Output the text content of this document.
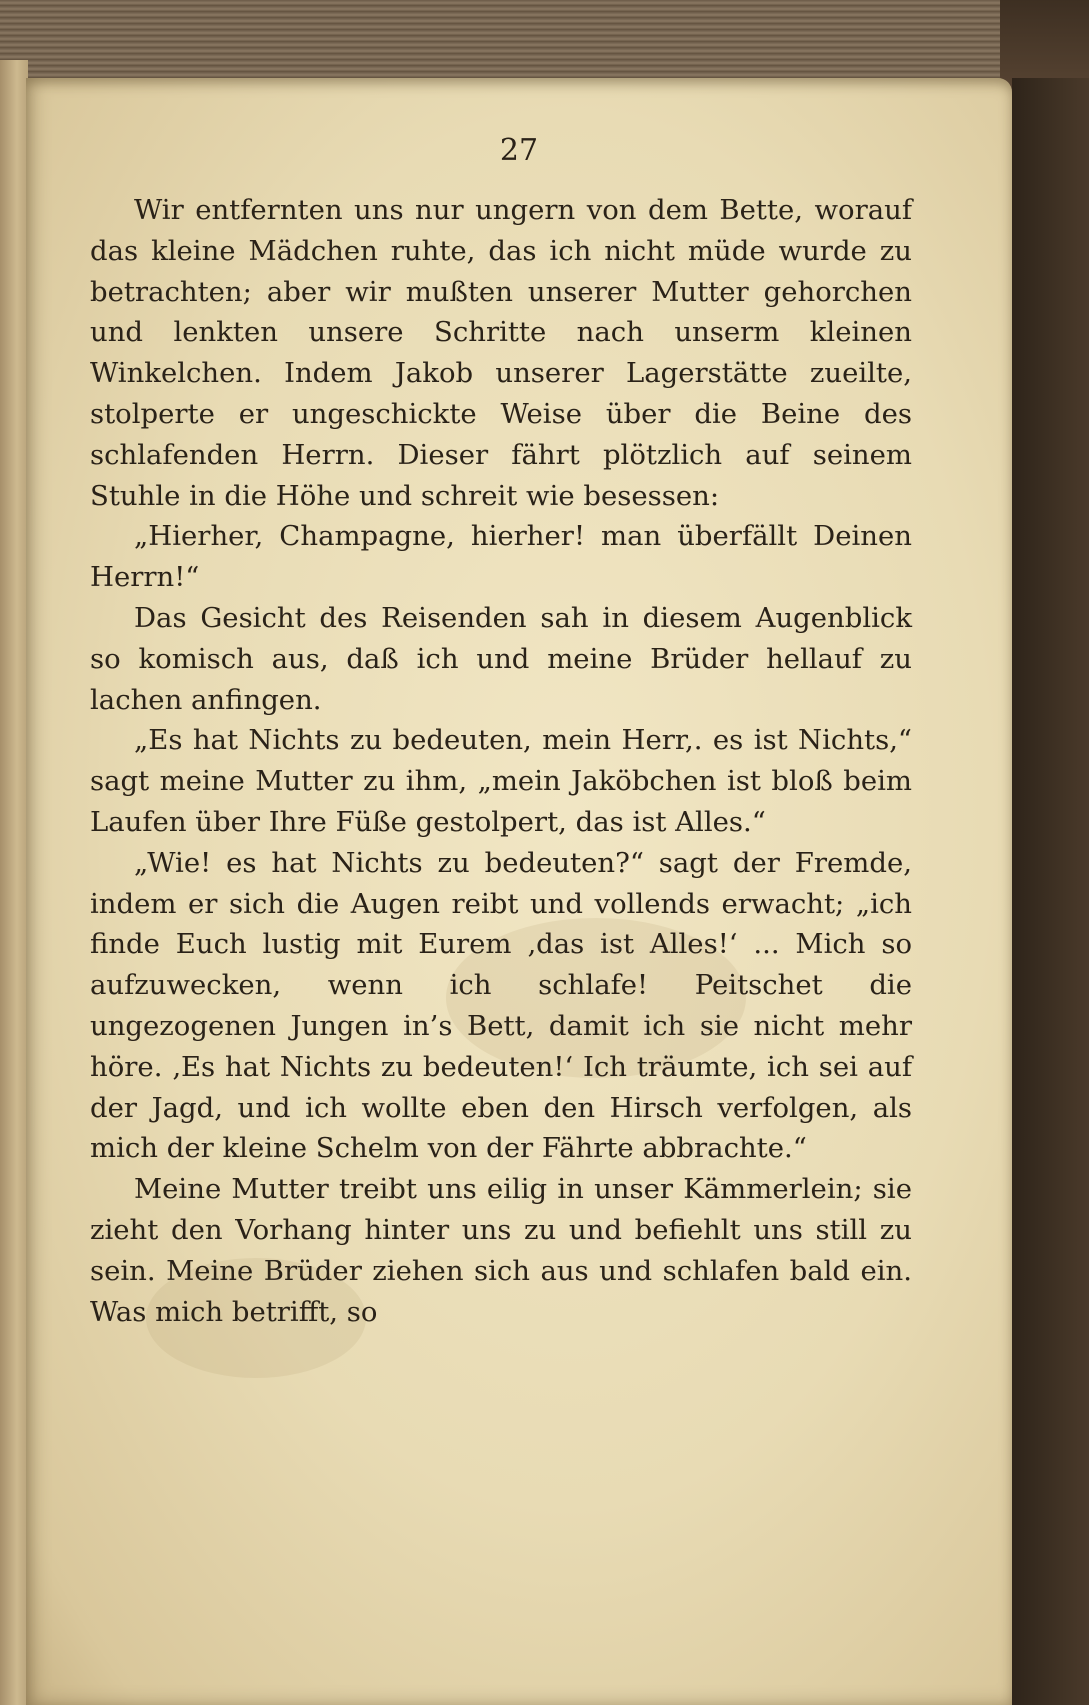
27

Wir entfernten uns nur ungern von dem Bette, worauf das kleine Mädchen ruhte, das ich nicht müde wurde zu betrachten; aber wir mußten unserer Mutter gehorchen und lenkten unsere Schritte nach unserm kleinen Winkelchen. Indem Jakob unserer Lagerstätte zueilte, stolperte er ungeschickte Weise über die Beine des schlafenden Herrn. Dieser fährt plötzlich auf seinem Stuhle in die Höhe und schreit wie besessen:

„Hierher, Champagne, hierher! man überfällt Deinen Herrn!“

Das Gesicht des Reisenden sah in diesem Augenblick so komisch aus, daß ich und meine Brüder hellauf zu lachen anfingen.

„Es hat Nichts zu bedeuten, mein Herr,. es ist Nichts,“ sagt meine Mutter zu ihm, „mein Jaköbchen ist bloß beim Laufen über Ihre Füße gestolpert, das ist Alles.“

„Wie! es hat Nichts zu bedeuten?“ sagt der Fremde, indem er sich die Augen reibt und vollends erwacht; „ich finde Euch lustig mit Eurem ‚das ist Alles!‘ ... Mich so aufzuwecken, wenn ich schlafe! Peitschet die ungezogenen Jungen in’s Bett, damit ich sie nicht mehr höre. ‚Es hat Nichts zu bedeuten!‘ Ich träumte, ich sei auf der Jagd, und ich wollte eben den Hirsch verfolgen, als mich der kleine Schelm von der Fährte abbrachte.“

Meine Mutter treibt uns eilig in unser Kämmerlein; sie zieht den Vorhang hinter uns zu und befiehlt uns still zu sein. Meine Brüder ziehen sich aus und schlafen bald ein. Was mich betrifft, so
